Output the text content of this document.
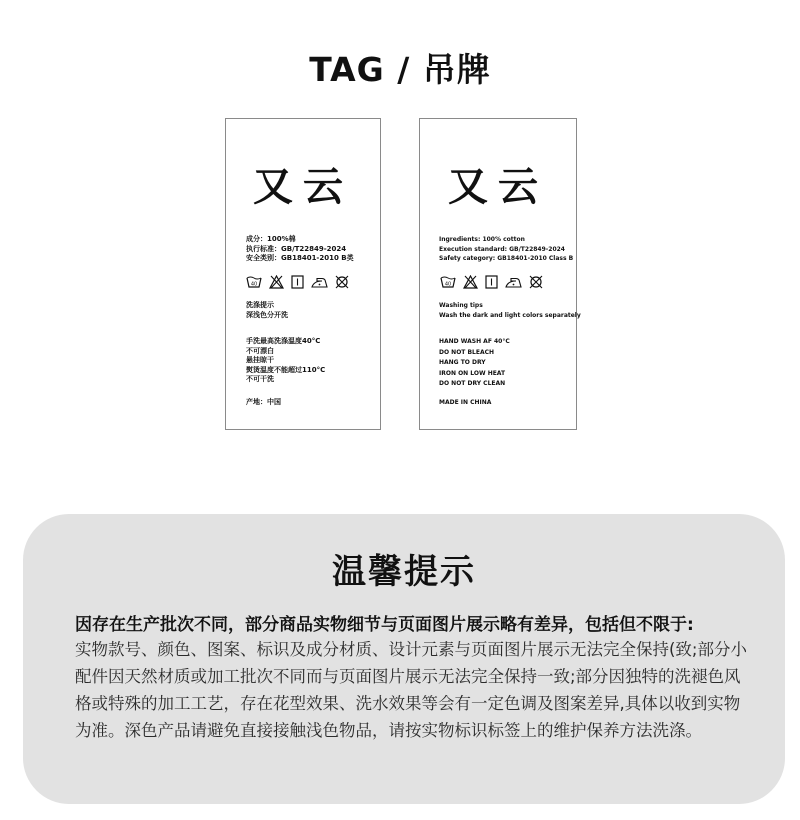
TAG / 吊牌
又云
成分：100%棉
执行标准：GB/T22849-2024
安全类别：GB18401-2010 B类
40
洗涤提示
深浅色分开洗
手洗最高洗涤温度40°C
不可漂白
悬挂晾干
熨烫温度不能超过110°C
不可干洗
产地：中国
又云
Ingredients: 100% cotton
Execution standard: GB/T22849-2024
Safety category: GB18401-2010 Class B
40
Washing tips
Wash the dark and light colors separately
HAND WASH AF 40°C
DO NOT BLEACH
HANG TO DRY
IRON ON LOW HEAT
DO NOT DRY CLEAN
MADE IN CHINA
温馨提示
因存在生产批次不同，部分商品实物细节与页面图片展示略有差异，包括但不限于:
实物款号、颜色、图案、标识及成分材质、设计元素与页面图片展示无法完全保持(致;部分小配件因天然材质或加工批次不同而与页面图片展示无法完全保持一致;部分因独特的洗褪色风格或特殊的加工工艺，存在花型效果、洗水效果等会有一定色调及图案差异,具体以收到实物为准。深色产品请避免直接接触浅色物品，请按实物标识标签上的维护保养方法洗涤。
